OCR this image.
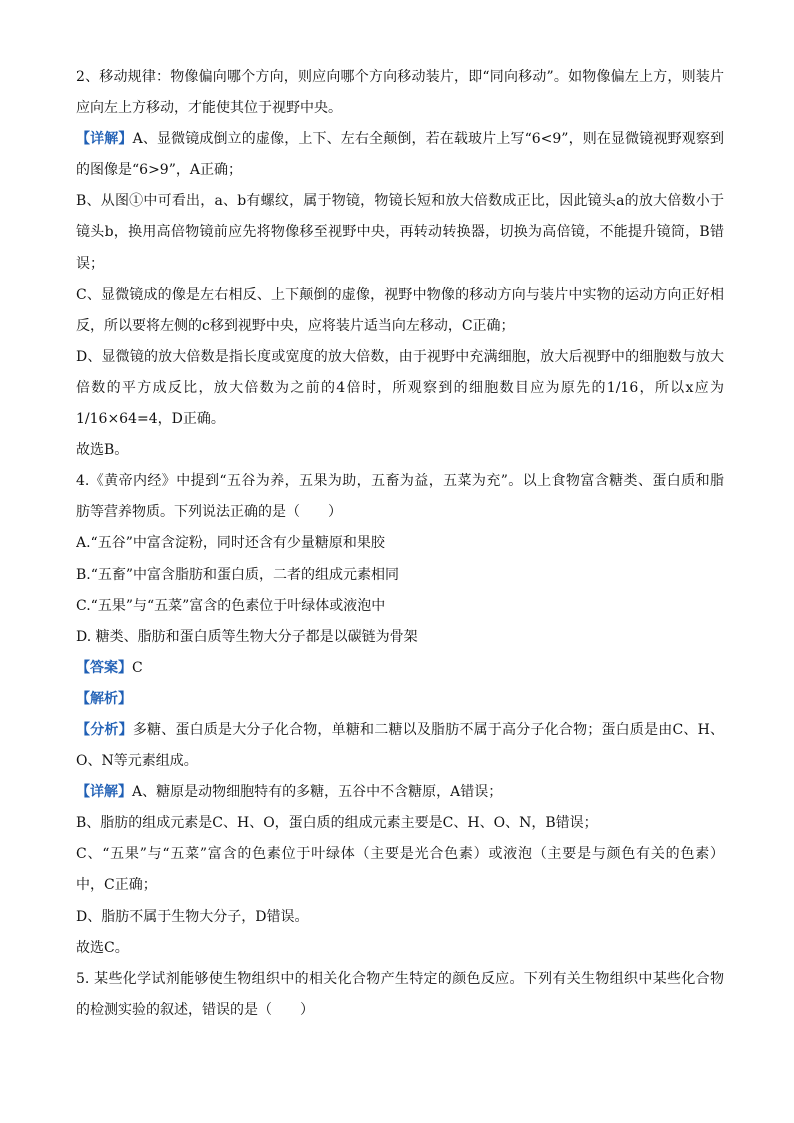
2、移动规律：物像偏向哪个方向，则应向哪个方向移动装片，即“同向移动”。如物像偏左上方，则装片
应向左上方移动，才能使其位于视野中央。
【详解】A、显微镜成倒立的虚像，上下、左右全颠倒，若在载玻片上写“6<9”，则在显微镜视野观察到
的图像是“6>9”，A正确；
B、从图①中可看出，a、b有螺纹，属于物镜，物镜长短和放大倍数成正比，因此镜头a的放大倍数小于
镜头b，换用高倍物镜前应先将物像移至视野中央，再转动转换器，切换为高倍镜，不能提升镜筒，B错
误；
C、显微镜成的像是左右相反、上下颠倒的虚像，视野中物像的移动方向与装片中实物的运动方向正好相
反，所以要将左侧的c移到视野中央，应将装片适当向左移动，C正确；
D、显微镜的放大倍数是指长度或宽度的放大倍数，由于视野中充满细胞，放大后视野中的细胞数与放大
倍数的平方成反比，放大倍数为之前的4倍时，所观察到的细胞数目应为原先的1/16，所以x应为
1/16×64=4，D正确。
故选B。
4.《黄帝内经》中提到“五谷为养，五果为助，五畜为益，五菜为充”。以上食物富含糖类、蛋白质和脂
肪等营养物质。下列说法正确的是（　　）
A.“五谷”中富含淀粉，同时还含有少量糖原和果胶
B.“五畜”中富含脂肪和蛋白质，二者的组成元素相同
C.“五果”与“五菜”富含的色素位于叶绿体或液泡中
D. 糖类、脂肪和蛋白质等生物大分子都是以碳链为骨架
【答案】C
【解析】
【分析】多糖、蛋白质是大分子化合物，单糖和二糖以及脂肪不属于高分子化合物；蛋白质是由C、H、
O、N等元素组成。
【详解】A、糖原是动物细胞特有的多糖，五谷中不含糖原，A错误；
B、脂肪的组成元素是C、H、O，蛋白质的组成元素主要是C、H、O、N，B错误；
C、“五果”与“五菜”富含的色素位于叶绿体（主要是光合色素）或液泡（主要是与颜色有关的色素）
中，C正确；
D、脂肪不属于生物大分子，D错误。
故选C。
5. 某些化学试剂能够使生物组织中的相关化合物产生特定的颜色反应。下列有关生物组织中某些化合物
的检测实验的叙述，错误的是（　　）
